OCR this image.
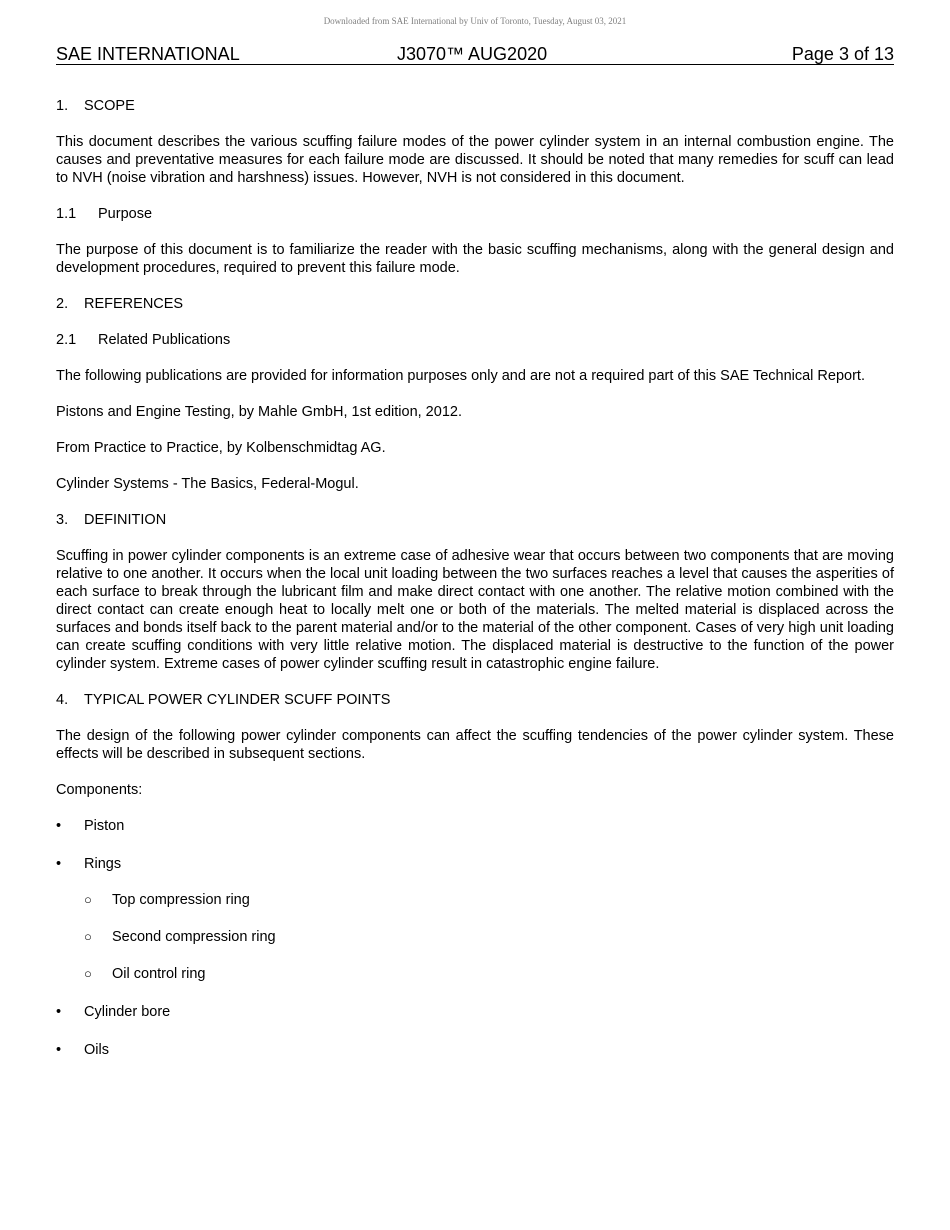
Downloaded from SAE International by Univ of Toronto, Tuesday, August 03, 2021
SAE INTERNATIONAL	J3070™ AUG2020	Page 3 of 13
1.	SCOPE

This document describes the various scuffing failure modes of the power cylinder system in an internal combustion engine. The causes and preventative measures for each failure mode are discussed. It should be noted that many remedies for scuff can lead to NVH (noise vibration and harshness) issues. However, NVH is not considered in this document.

1.1	Purpose

The purpose of this document is to familiarize the reader with the basic scuffing mechanisms, along with the general design and development procedures, required to prevent this failure mode.

2.	REFERENCES
2.1	Related Publications

The following publications are provided for information purposes only and are not a required part of this SAE Technical Report.

Pistons and Engine Testing, by Mahle GmbH, 1st edition, 2012.

From Practice to Practice, by Kolbenschmidtag AG.

Cylinder Systems - The Basics, Federal-Mogul.

3.	DEFINITION

Scuffing in power cylinder components is an extreme case of adhesive wear that occurs between two components that are moving relative to one another. It occurs when the local unit loading between the two surfaces reaches a level that causes the asperities of each surface to break through the lubricant film and make direct contact with one another. The relative motion combined with the direct contact can create enough heat to locally melt one or both of the materials. The melted material is displaced across the surfaces and bonds itself back to the parent material and/or to the material of the other component. Cases of very high unit loading can create scuffing conditions with very little relative motion. The displaced material is destructive to the function of the power cylinder system. Extreme cases of power cylinder scuffing result in catastrophic engine failure.

4.	TYPICAL POWER CYLINDER SCUFF POINTS

The design of the following power cylinder components can affect the scuffing tendencies of the power cylinder system. These effects will be described in subsequent sections.

Components:

•	Piston
•	Rings
○	Top compression ring
○	Second compression ring
○	Oil control ring
•	Cylinder bore
•	Oils
